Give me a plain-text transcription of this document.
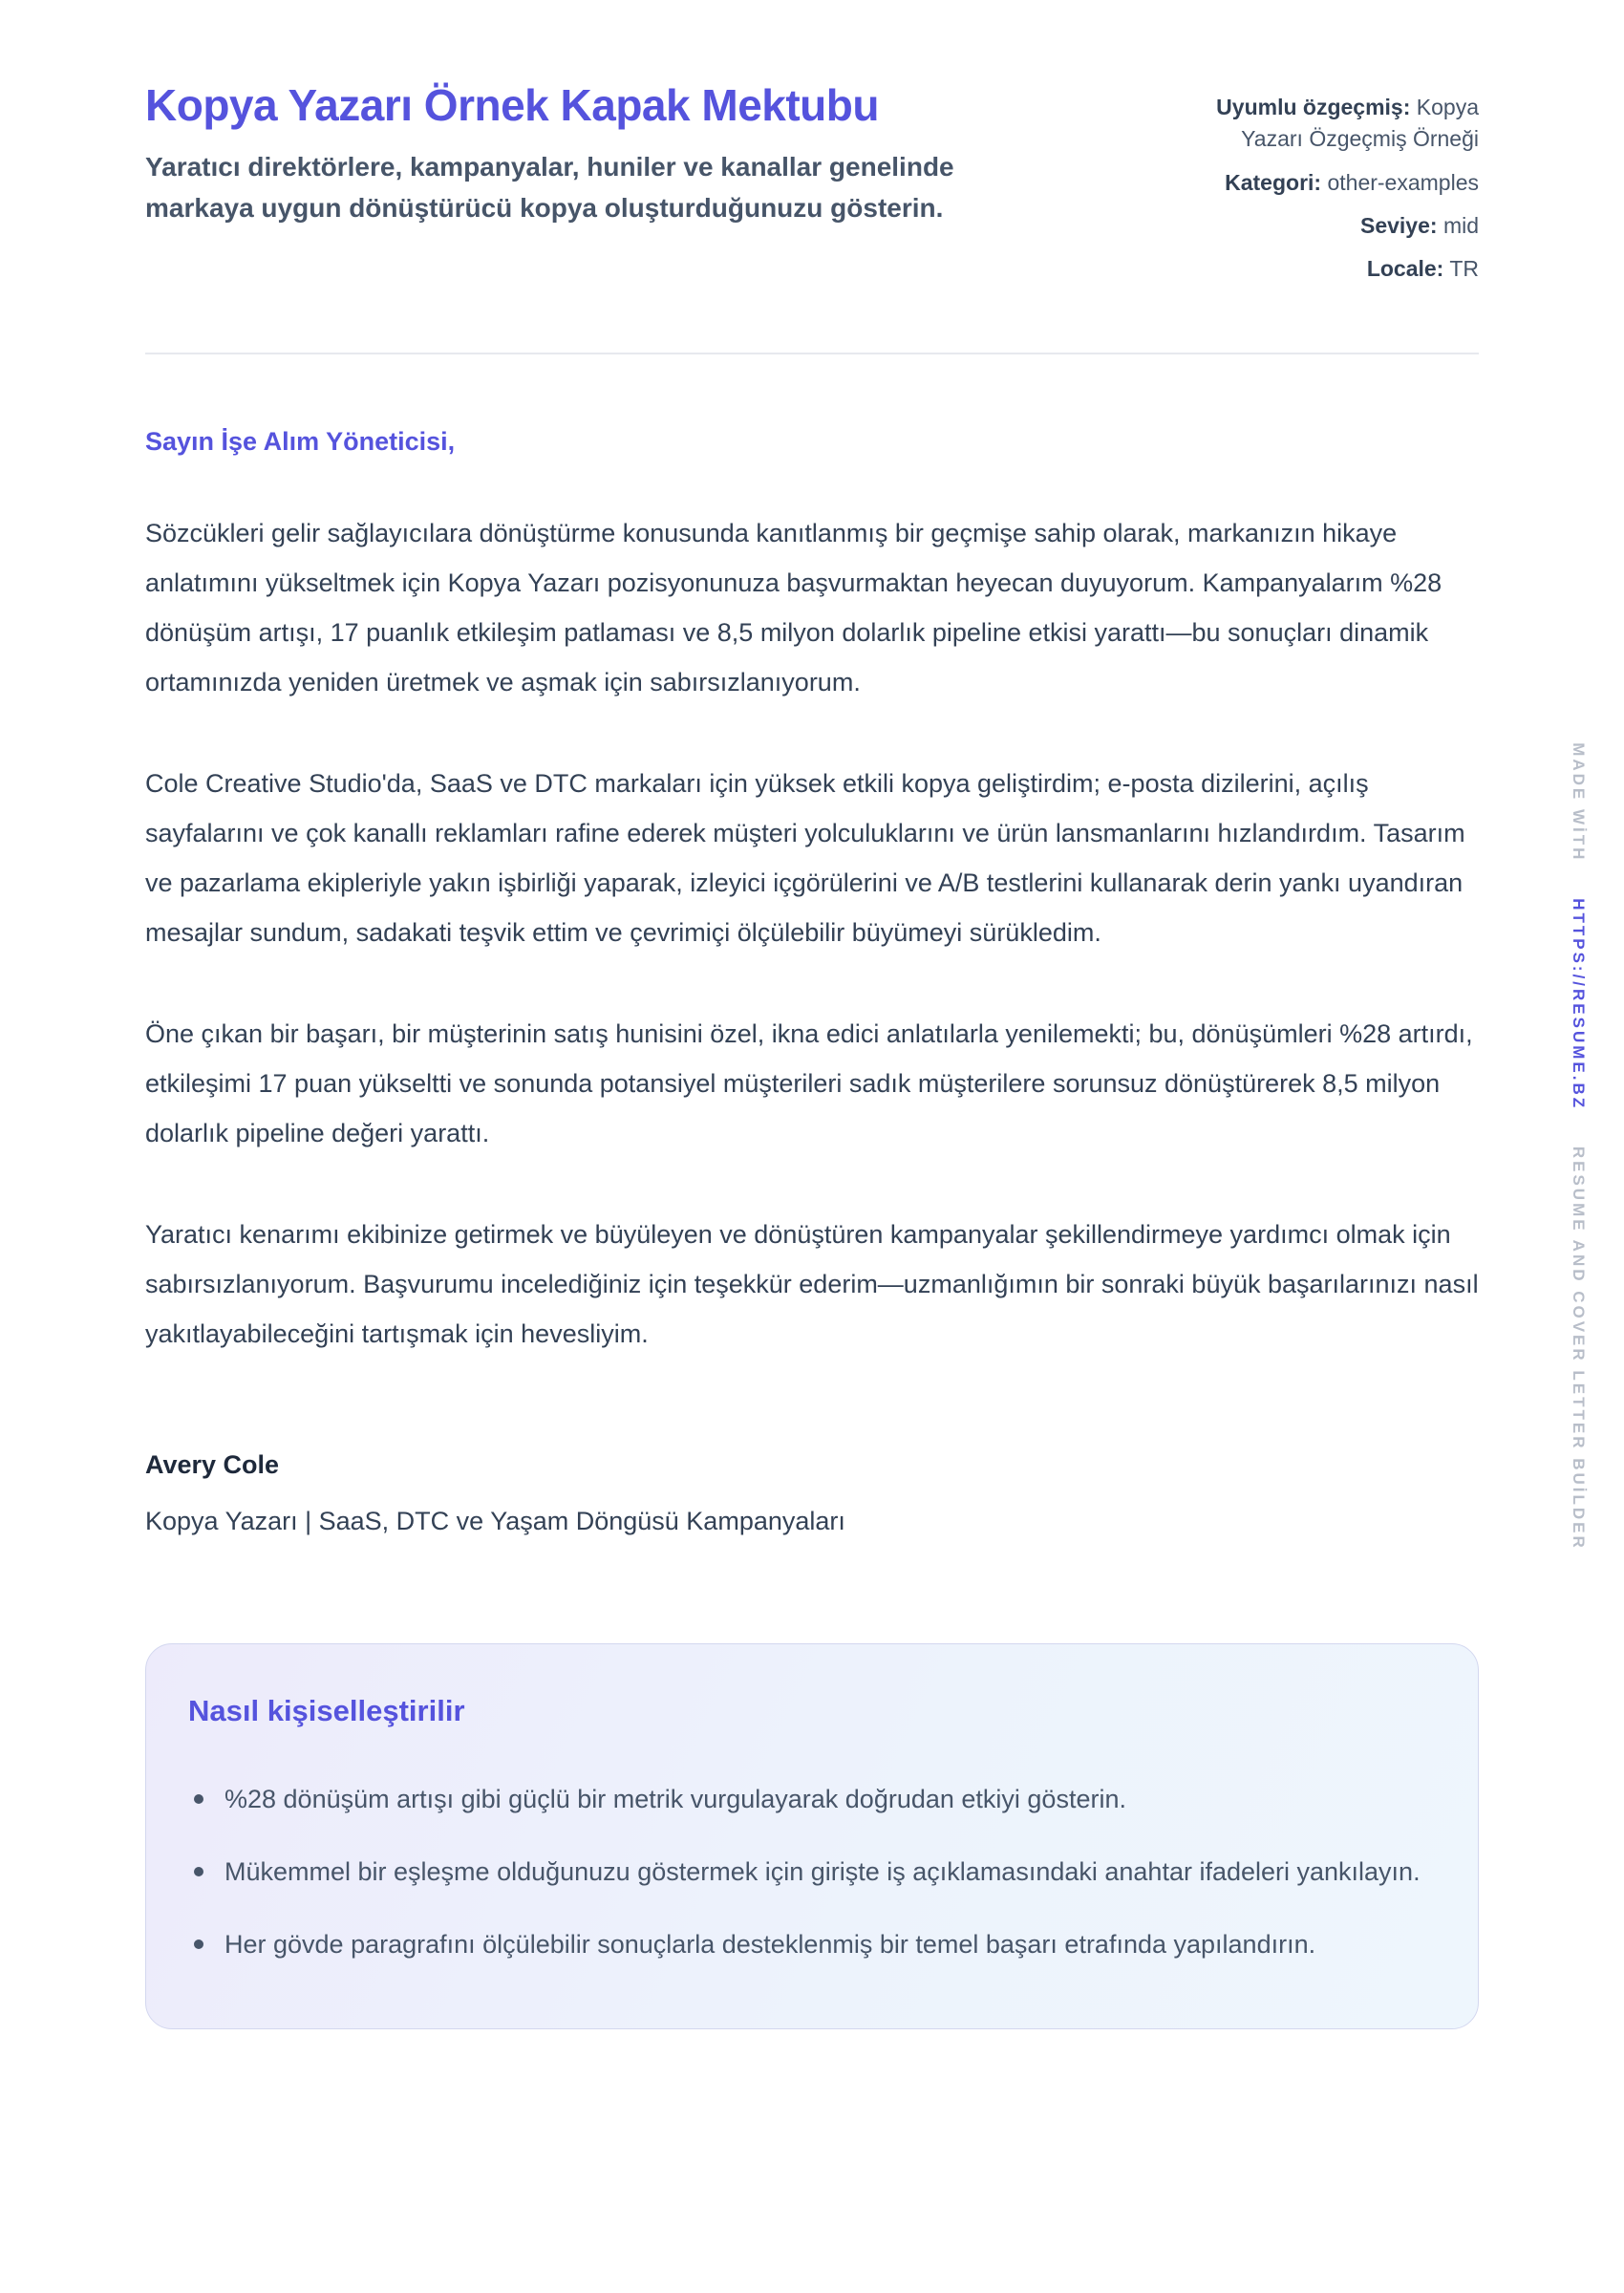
Kopya Yazarı Örnek Kapak Mektubu

Yaratıcı direktörlere, kampanyalar, huniler ve kanallar genelinde markaya uygun dönüştürücü kopya oluşturduğunuzu gösterin.

Uyumlu özgeçmiş: Kopya Yazarı Özgeçmiş Örneği
Kategori: other-examples
Seviye: mid
Locale: TR

Sayın İşe Alım Yöneticisi,

Sözcükleri gelir sağlayıcılara dönüştürme konusunda kanıtlanmış bir geçmişe sahip olarak, markanızın hikaye anlatımını yükseltmek için Kopya Yazarı pozisyonunuza başvurmaktan heyecan duyuyorum. Kampanyalarım %28 dönüşüm artışı, 17 puanlık etkileşim patlaması ve 8,5 milyon dolarlık pipeline etkisi yarattı—bu sonuçları dinamik ortamınızda yeniden üretmek ve aşmak için sabırsızlanıyorum.

Cole Creative Studio'da, SaaS ve DTC markaları için yüksek etkili kopya geliştirdim; e-posta dizilerini, açılış sayfalarını ve çok kanallı reklamları rafine ederek müşteri yolculuklarını ve ürün lansmanlarını hızlandırdım. Tasarım ve pazarlama ekipleriyle yakın işbirliği yaparak, izleyici içgörülerini ve A/B testlerini kullanarak derin yankı uyandıran mesajlar sundum, sadakati teşvik ettim ve çevrimiçi ölçülebilir büyümeyi sürükledim.

Öne çıkan bir başarı, bir müşterinin satış hunisini özel, ikna edici anlatılarla yenilemekti; bu, dönüşümleri %28 artırdı, etkileşimi 17 puan yükseltti ve sonunda potansiyel müşterileri sadık müşterilere sorunsuz dönüştürerek 8,5 milyon dolarlık pipeline değeri yarattı.

Yaratıcı kenarımı ekibinize getirmek ve büyüleyen ve dönüştüren kampanyalar şekillendirmeye yardımcı olmak için sabırsızlanıyorum. Başvurumu incelediğiniz için teşekkür ederim—uzmanlığımın bir sonraki büyük başarılarınızı nasıl yakıtlayabileceğini tartışmak için hevesliyim.

Avery Cole

Kopya Yazarı | SaaS, DTC ve Yaşam Döngüsü Kampanyaları

Nasıl kişiselleştirilir
%28 dönüşüm artışı gibi güçlü bir metrik vurgulayarak doğrudan etkiyi gösterin.
Mükemmel bir eşleşme olduğunuzu göstermek için girişte iş açıklamasındaki anahtar ifadeleri yankılayın.
Her gövde paragrafını ölçülebilir sonuçlarla desteklenmiş bir temel başarı etrafında yapılandırın.
MADE WİTH HTTPS://RESUME.BZ RESUME AND COVER LETTER BUİLDER
